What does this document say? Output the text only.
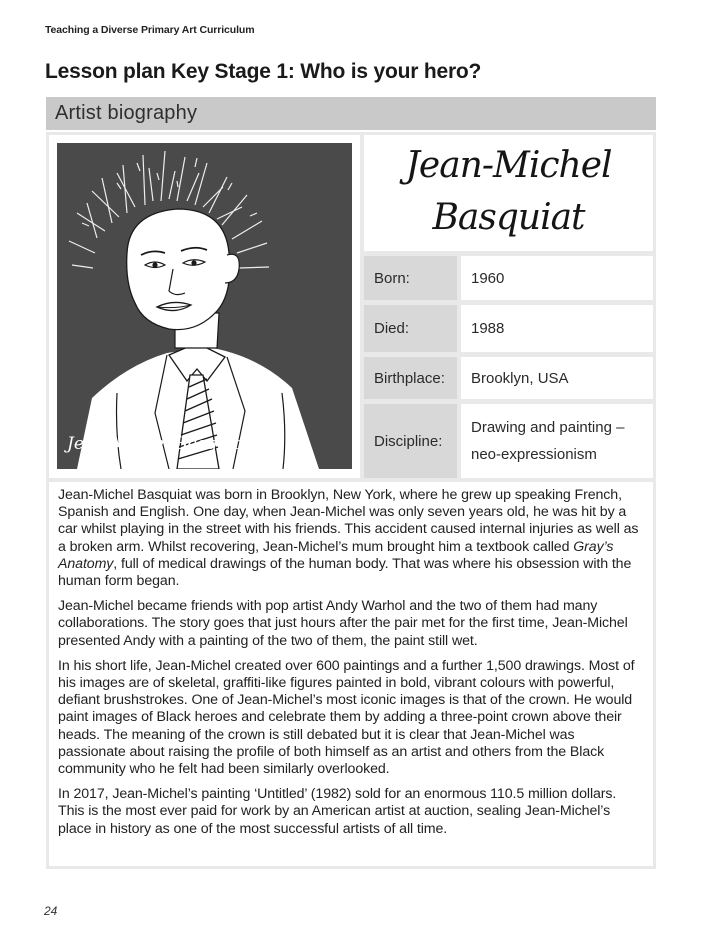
Teaching a Diverse Primary Art Curriculum
Lesson plan Key Stage 1: Who is your hero?
Artist biography
Jean-Michel Basquiat
Jean-Michel
Basquiat
Born:	1960
Died:	1988
Birthplace:	Brooklyn, USA
Discipline:
Drawing and painting – neo-expressionism

Jean-Michel Basquiat was born in Brooklyn, New York, where he grew up speaking French, Spanish and English. One day, when Jean-Michel was only seven years old, he was hit by a car whilst playing in the street with his friends. This accident caused internal injuries as well as a broken arm. Whilst recovering, Jean-Michel’s mum brought him a textbook called Gray’s Anatomy, full of medical drawings of the human body. That was where his obsession with the human form began.

Jean-Michel became friends with pop artist Andy Warhol and the two of them had many collaborations. The story goes that just hours after the pair met for the first time, Jean-Michel presented Andy with a painting of the two of them, the paint still wet.

In his short life, Jean-Michel created over 600 paintings and a further 1,500 drawings. Most of his images are of skeletal, graffiti-like figures painted in bold, vibrant colours with powerful, defiant brushstrokes. One of Jean-Michel’s most iconic images is that of the crown. He would paint images of Black heroes and celebrate them by adding a three-point crown above their heads. The meaning of the crown is still debated but it is clear that Jean-Michel was passionate about raising the profile of both himself as an artist and others from the Black community who he felt had been similarly overlooked.

In 2017, Jean-Michel’s painting ‘Untitled’ (1982) sold for an enormous 110.5 million dollars. This is the most ever paid for work by an American artist at auction, sealing Jean-Michel’s place in history as one of the most successful artists of all time.

24
